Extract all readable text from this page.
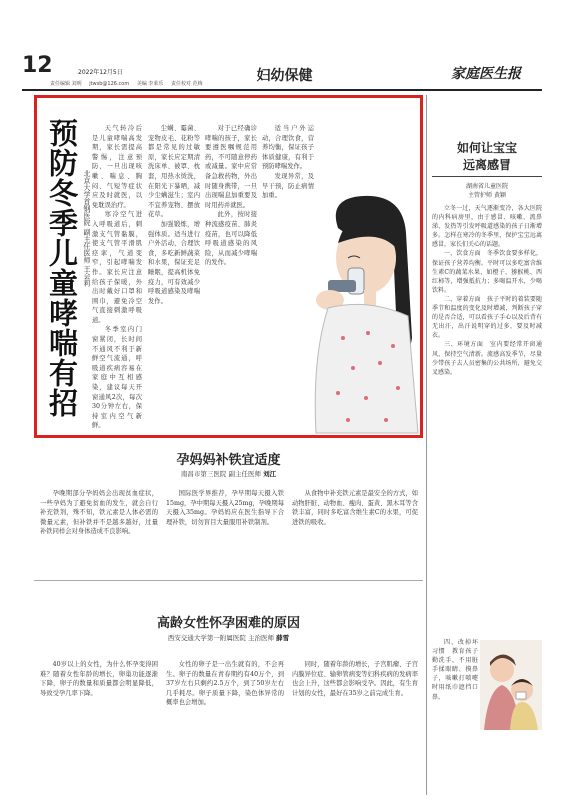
12	2022年12月5日
责任编辑 刘明 jtwsb@126.com 美编 李莱乐 责任校对 范梅	妇幼保健	家庭医生报
预防冬季儿童哮喘有招 北京大学首钢医院 副主任医师 王会莉

天气转冷后是儿童哮喘高发期，家长需提高警惕，注意预防，一旦出现咳嗽、喘息、胸闷、气短等症状应及时就医，以免耽误治疗。

寒冷空气进入呼吸道后，刺激支气管黏膜，使支气管平滑肌痉挛，气道变窄，引起哮喘发作。家长应注意给孩子保暖，外出时戴好口罩和围巾，避免冷空气直接刺激呼吸道。

冬季室内门窗紧闭，长时间不通风不利于新鲜空气流通，呼吸道疾病容易在家庭中互相感染，建议每天开窗通风2次，每次30分钟左右，保持室内空气新鲜。

尘螨、霉菌、宠物皮毛、花粉等都是常见的过敏原，家长应定期清洗床单、被罩、枕套，用热水烫洗，在阳光下暴晒，减少尘螨滋生；室内不宜养宠物、摆放花草。

加强锻炼，增强体质。适当进行户外活动，合理饮食，多吃新鲜蔬菜和水果，保证充足睡眠，提高机体免疫力，可有效减少呼吸道感染及哮喘发作。

对于已经确诊哮喘的孩子，家长要遵医嘱规范用药，不可随意停药或减量。家中应常备急救药物，外出时随身携带，一旦出现喘息加重要及时用药并就医。

此外，按时接种流感疫苗、肺炎疫苗，也可以降低呼吸道感染的风险，从而减少哮喘的发作。

适当户外运动，合理饮食，营养均衡，保证孩子体质健康，有利于预防哮喘发作。

发现异常，及早干预，防止病情加重。

如何让宝宝
远离感冒
湖南省儿童医院
主管护师 黄颖

立冬一过，天气逐渐变冷，各大医院的内科病房里，由于感冒、咳嗽、流鼻涕、发热等引发呼吸道感染的孩子日渐增多。怎样在寒冷的冬季里，保护宝宝远离感冒，家长们关心的话题。

一、饮食方面　冬季饮食要多样化，保证孩子营养均衡。平时可以多吃富含维生素C的蔬菜水果，如橙子、猕猴桃、西红柿等，增强抵抗力；多喝温开水，少喝饮料。

二、穿着方面　孩子平时的着装要随季节和温度的变化及时增减，判断孩子穿的是否合适，可以看孩子手心以及后背有无出汗，出汗说明穿的过多，要及时减衣。

三、环境方面　室内要经常开窗通风，保持空气清新。流感高发季节，尽量少带孩子去人员密集的公共场所，避免交叉感染。

四、改掉坏习惯　教育孩子勤洗手，不用脏手揉眼睛、摸鼻子，咳嗽打喷嚏时用纸巾遮挡口鼻。

孕妈妈补铁宜适度
南昌市第三医院 副主任医师 刘江

孕晚期部分孕妈妈会出现贫血症状，一些孕妈为了避免贫血的发生，就会自行补充铁剂，殊不知，铁元素是人体必需的微量元素，但补铁并不是越多越好，过量补铁同样会对身体造成不良影响。

国际医学界推荐，孕早期每天摄入铁15mg，孕中期每天摄入25mg，孕晚期每天摄入35mg。孕妈妈应在医生指导下合理补铁，切勿盲目大量服用补铁制剂。

从食物中补充铁元素是最安全的方式，如动物肝脏、动物血、瘦肉、蛋黄、黑木耳等含铁丰富，同时多吃富含维生素C的水果，可促进铁的吸收。

高龄女性怀孕困难的原因
西安交通大学第一附属医院 主治医师 薛雪

40岁以上的女性，为什么怀孕变得困难？随着女性年龄的增长，卵巢功能逐渐下降，卵子的数量和质量都会明显降低，导致受孕几率下降。

女性的卵子是一出生就有的，不会再生。卵子的数量在青春期约有40万个，到37岁左右只剩约2.5万个，到了50岁左右几乎耗尽。卵子质量下降，染色体异常的概率也会增加。

同时，随着年龄的增长，子宫肌瘤、子宫内膜异位症、输卵管病变等妇科疾病的发病率也会上升，这些都会影响受孕。因此，有生育计划的女性，最好在35岁之前完成生育。
